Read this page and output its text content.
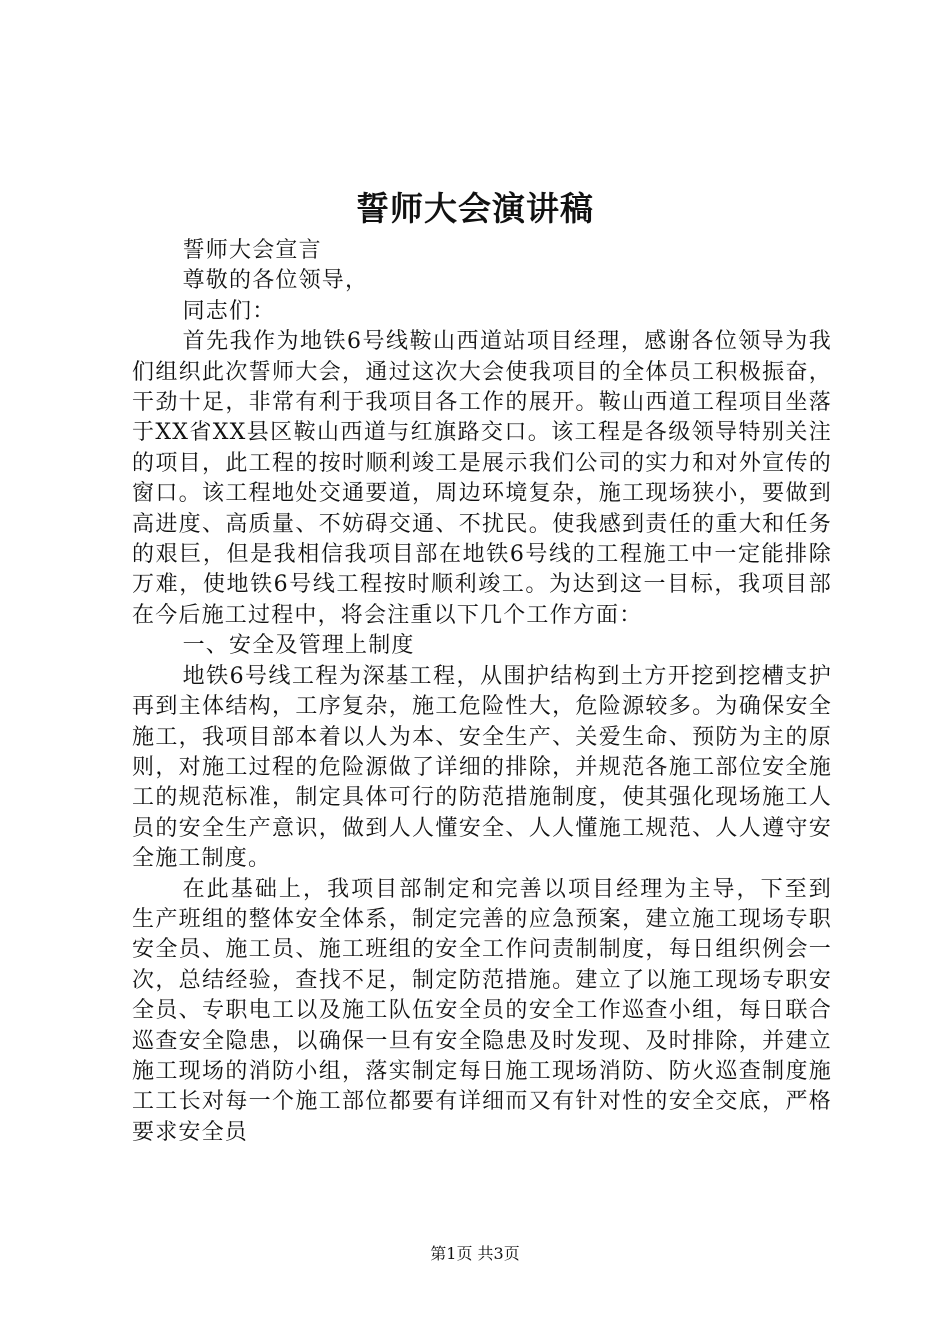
誓师大会演讲稿

誓师大会宣言

尊敬的各位领导，

同志们：

首先我作为地铁6号线鞍山西道站项目经理，感谢各位领导为我们组织此次誓师大会，通过这次大会使我项目的全体员工积极振奋，干劲十足，非常有利于我项目各工作的展开。鞍山西道工程项目坐落于XX省XX县区鞍山西道与红旗路交口。该工程是各级领导特别关注的项目，此工程的按时顺利竣工是展示我们公司的实力和对外宣传的窗口。该工程地处交通要道，周边环境复杂，施工现场狭小，要做到高进度、高质量、不妨碍交通、不扰民。使我感到责任的重大和任务的艰巨，但是我相信我项目部在地铁6号线的工程施工中一定能排除万难，使地铁6号线工程按时顺利竣工。为达到这一目标，我项目部在今后施工过程中，将会注重以下几个工作方面：

一、安全及管理上制度

地铁6号线工程为深基工程，从围护结构到土方开挖到挖槽支护再到主体结构，工序复杂，施工危险性大，危险源较多。为确保安全施工，我项目部本着以人为本、安全生产、关爱生命、预防为主的原则，对施工过程的危险源做了详细的排除，并规范各施工部位安全施工的规范标准，制定具体可行的防范措施制度，使其强化现场施工人员的安全生产意识，做到人人懂安全、人人懂施工规范、人人遵守安全施工制度。

在此基础上，我项目部制定和完善以项目经理为主导，下至到生产班组的整体安全体系，制定完善的应急预案，建立施工现场专职安全员、施工员、施工班组的安全工作问责制制度，每日组织例会一次，总结经验，查找不足，制定防范措施。建立了以施工现场专职安全员、专职电工以及施工队伍安全员的安全工作巡查小组，每日联合巡查安全隐患，以确保一旦有安全隐患及时发现、及时排除，并建立施工现场的消防小组，落实制定每日施工现场消防、防火巡查制度施工工长对每一个施工部位都要有详细而又有针对性的安全交底，严格要求安全员

第1页 共3页
